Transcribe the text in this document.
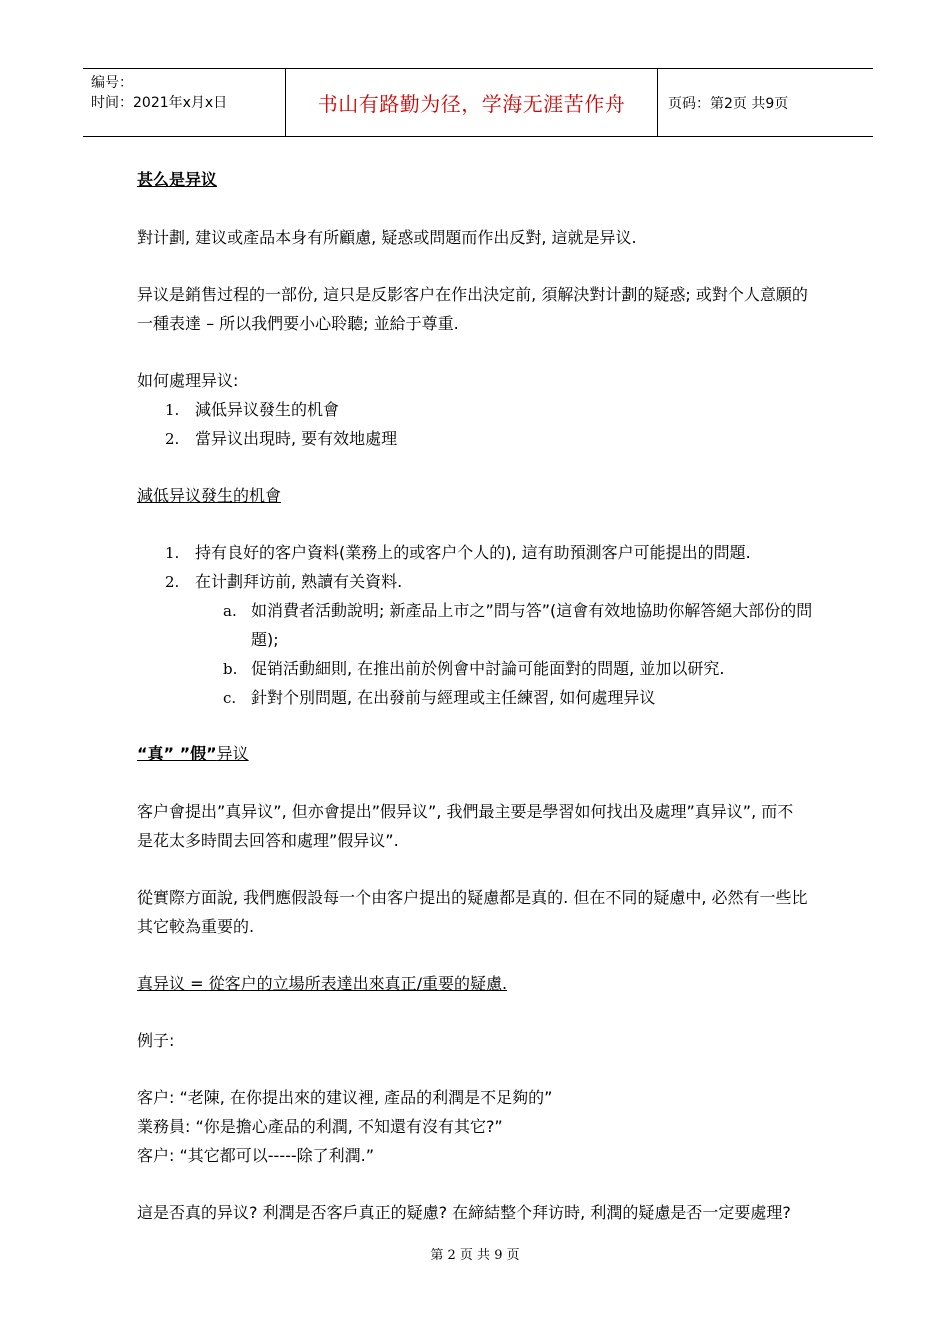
编号：
时间：2021年x月x日	书山有路勤为径，学海无涯苦作舟	页码：第2页 共9页
甚么是异议
對计劃, 建议或產品本身有所顧慮, 疑惑或問題而作出反對, 這就是异议.
异议是銷售过程的一部份, 這只是反影客户在作出決定前, 須解決對计劃的疑惑; 或對个人意願的
一種表達 – 所以我們要小心聆聽; 並給于尊重.
如何處理异议:
1. 減低异议發生的机會
2. 當异议出現時, 要有效地處理
減低异议發生的机會
1. 持有良好的客户資料(業務上的或客户个人的), 這有助預測客户可能提出的問題.
2. 在计劃拜访前, 熟讀有关資料.
a. 如消費者活動說明; 新產品上市之”問与答”(這會有效地協助你解答絕大部份的問
題);
b. 促销活動細則, 在推出前於例會中討論可能面對的問題, 並加以研究.
c. 針對个別問題, 在出發前与經理或主任練習, 如何處理异议
“真” ”假”异议
客户會提出”真异议”, 但亦會提出”假异议”, 我們最主要是學習如何找出及處理”真异议”, 而不
是花太多時間去回答和處理”假异议”.
從實際方面說, 我們應假設每一个由客户提出的疑慮都是真的. 但在不同的疑慮中, 必然有一些比
其它較為重要的.
真异议 = 從客户的立場所表達出來真正/重要的疑慮.
例子:
客户: “老陳, 在你提出來的建议裡, 產品的利潤是不足夠的”
業務員: “你是擔心產品的利潤, 不知還有沒有其它?”
客户: “其它都可以-----除了利潤.”
這是否真的异议? 利潤是否客戶真正的疑慮? 在締結整个拜访時, 利潤的疑慮是否一定要處理?
第 2 页 共 9 页
